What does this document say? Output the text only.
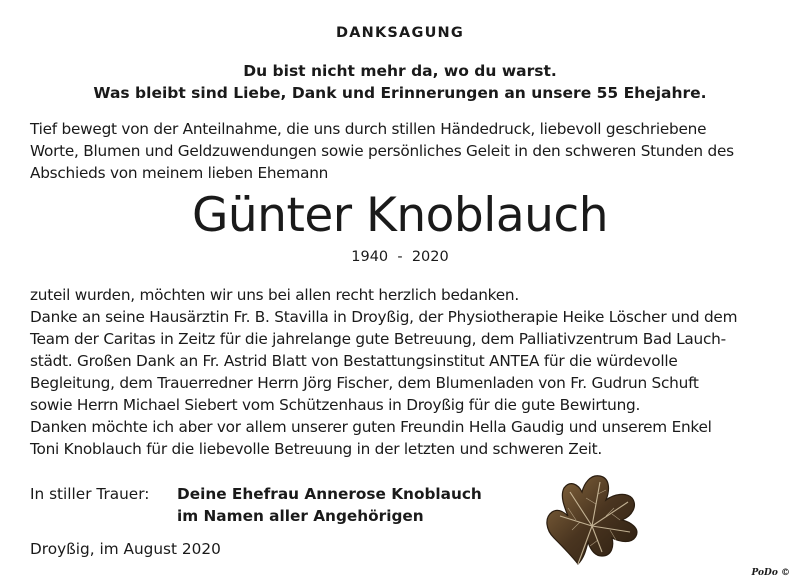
DANKSAGUNG
Du bist nicht mehr da, wo du warst.
Was bleibt sind Liebe, Dank und Erinnerungen an unsere 55 Ehejahre.
Tief bewegt von der Anteilnahme, die uns durch stillen Händedruck, liebevoll geschriebene
Worte, Blumen und Geldzuwendungen sowie persönliches Geleit in den schweren Stunden des
Abschieds von meinem lieben Ehemann
Günter Knoblauch
1940  -  2020
zuteil wurden, möchten wir uns bei allen recht herzlich bedanken.
Danke an seine Hausärztin Fr. B. Stavilla in Droyßig, der Physiotherapie Heike Löscher und dem
Team der Caritas in Zeitz für die jahrelange gute Betreuung, dem Palliativzentrum Bad Lauch-
städt. Großen Dank an Fr. Astrid Blatt von Bestattungsinstitut ANTEA für die würdevolle
Begleitung, dem Trauerredner Herrn Jörg Fischer, dem Blumenladen von Fr. Gudrun Schuft
sowie Herrn Michael Siebert vom Schützenhaus in Droyßig für die gute Bewirtung.
Danken möchte ich aber vor allem unserer guten Freundin Hella Gaudig und unserem Enkel
Toni Knoblauch für die liebevolle Betreuung in der letzten und schweren Zeit.
In stiller Trauer: Deine Ehefrau Annerose Knoblauch
im Namen aller Angehörigen
Droyßig, im August 2020
PoDo ©
